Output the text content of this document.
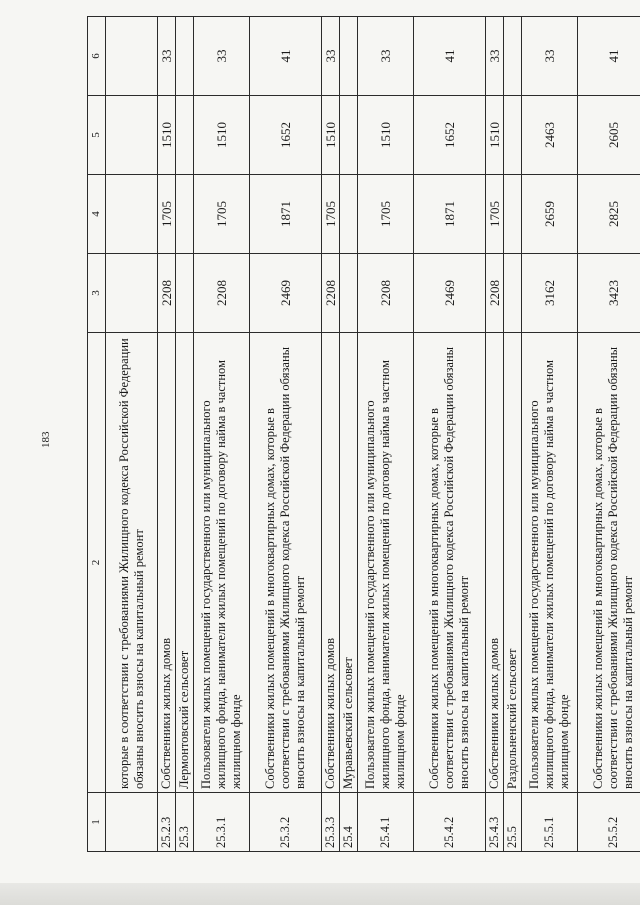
183
1	2	3	4	5	6
	которые в соответствии с требованиями Жилищного кодекса Российской Федерации обязаны вносить взносы на капитальный ремонт				
25.2.3	Собственники жилых домов	2208	1705	1510	33
25.3	Лермонтовский сельсовет				
25.3.1	Пользователи жилых помещений государственного или муниципального жилищного фонда, наниматели жилых помещений по договору найма в частном жилищном фонде	2208	1705	1510	33
25.3.2	Собственники жилых помещений в многоквартирных домах, которые в соответствии с требованиями Жилищного кодекса Российской Федерации обязаны вносить взносы на капитальный ремонт	2469	1871	1652	41
25.3.3	Собственники жилых домов	2208	1705	1510	33
25.4	Муравьевский сельсовет				
25.4.1	Пользователи жилых помещений государственного или муниципального жилищного фонда, наниматели жилых помещений по договору найма в частном жилищном фонде	2208	1705	1510	33
25.4.2	Собственники жилых помещений в многоквартирных домах, которые в соответствии с требованиями Жилищного кодекса Российской Федерации обязаны вносить взносы на капитальный ремонт	2469	1871	1652	41
25.4.3	Собственники жилых домов	2208	1705	1510	33
25.5	Раздольненский сельсовет				
25.5.1	Пользователи жилых помещений государственного или муниципального жилищного фонда, наниматели жилых помещений по договору найма в частном жилищном фонде	3162	2659	2463	33
25.5.2	Собственники жилых помещений в многоквартирных домах, которые в соответствии с требованиями Жилищного кодекса Российской Федерации обязаны вносить взносы на капитальный ремонт	3423	2825	2605	41
